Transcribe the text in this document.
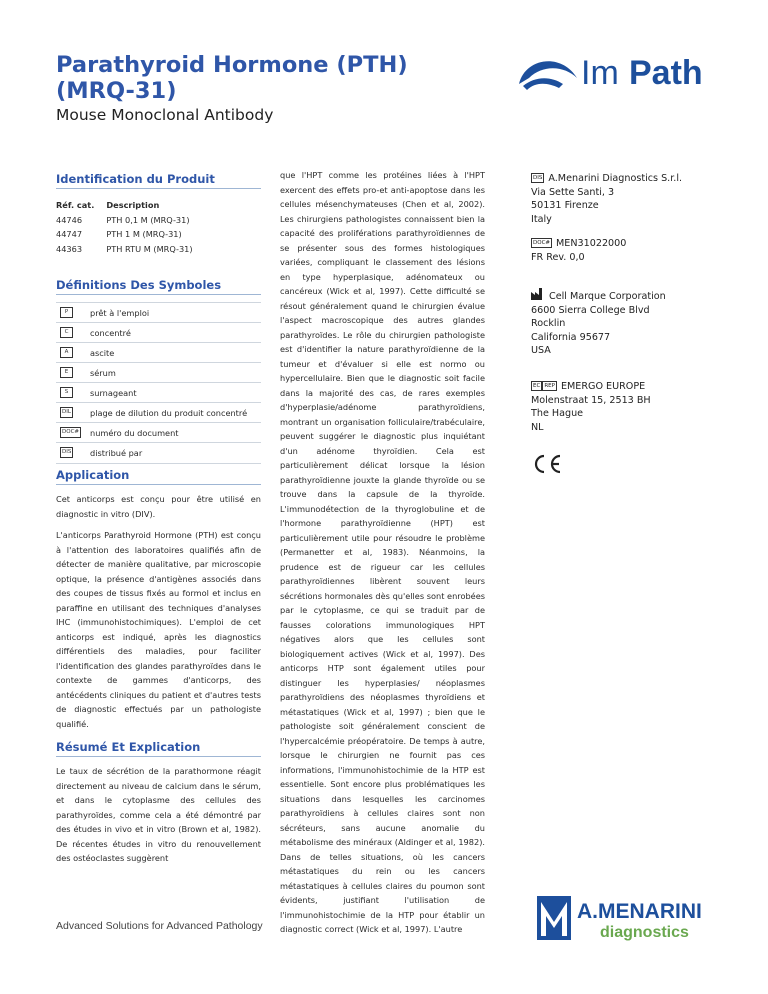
Parathyroid Hormone (PTH) (MRQ-31)

Mouse Monoclonal Antibody

Im Path

Identification du Produit

Réf. cat.	Description
44746	PTH 0,1 M (MRQ-31)
44747	PTH 1 M (MRQ-31)
44363	PTH RTU M (MRQ-31)

Définitions Des Symboles

P	prêt à l'emploi
C	concentré
A	ascite
E	sérum
S	surnageant
DIL plage de dilution du produit concentré
DOC# numéro du document
DIS distribué par

Application

Cet anticorps est conçu pour être utilisé en diagnostic in vitro (DIV).

L'anticorps Parathyroid Hormone (PTH) est conçu à l'attention des laboratoires qualifiés afin de détecter de manière qualitative, par microscopie optique, la présence d'antigènes associés dans des coupes de tissus fixés au formol et inclus en paraffine en utilisant des techniques d'analyses IHC (immunohistochimiques). L'emploi de cet anticorps est indiqué, après les diagnostics différentiels des maladies, pour faciliter l'identification des glandes parathyroïdes dans le contexte de gammes d'anticorps, des antécédents cliniques du patient et d'autres tests de diagnostic effectués par un pathologiste qualifié.

Résumé Et Explication

Le taux de sécrétion de la parathormone réagit directement au niveau de calcium dans le sérum, et dans le cytoplasme des cellules des parathyroïdes, comme cela a été démontré par des études in vivo et in vitro (Brown et al, 1982). De récentes études in vitro du renouvellement des ostéoclastes suggèrent

que l'HPT comme les protéines liées à l'HPT exercent des effets pro-et anti-apoptose dans les cellules mésenchymateuses (Chen et al, 2002). Les chirurgiens pathologistes connaissent bien la capacité des proliférations parathyroïdiennes de se présenter sous des formes histologiques variées, compliquant le classement des lésions en type hyperplasique, adénomateux ou cancéreux (Wick et al, 1997). Cette difficulté se résout généralement quand le chirurgien évalue l'aspect macroscopique des autres glandes parathyroïdes. Le rôle du chirurgien pathologiste est d'identifier la nature parathyroïdienne de la tumeur et d'évaluer si elle est normo ou hypercellulaire. Bien que le diagnostic soit facile dans la majorité des cas, de rares exemples d'hyperplasie/adénome parathyroïdiens, montrant un organisation folliculaire/trabéculaire, peuvent suggérer le diagnostic plus inquiétant d'un adénome thyroïdien. Cela est particulièrement délicat lorsque la lésion parathyroïdienne jouxte la glande thyroïde ou se trouve dans la capsule de la thyroïde. L'immunodétection de la thyroglobuline et de l'hormone parathyroïdienne (HPT) est particulièrement utile pour résoudre le problème (Permanetter et al, 1983). Néanmoins, la prudence est de rigueur car les cellules parathyroïdiennes libèrent souvent leurs sécrétions hormonales dès qu'elles sont enrobées par le cytoplasme, ce qui se traduit par de fausses colorations immunologiques HPT négatives alors que les cellules sont biologiquement actives (Wick et al, 1997). Des anticorps HTP sont également utiles pour distinguer les hyperplasies/ néoplasmes parathyroïdiens des néoplasmes thyroïdiens et métastatiques (Wick et al, 1997) ; bien que le pathologiste soit généralement conscient de l'hypercalcémie préopératoire. De temps à autre, lorsque le chirurgien ne fournit pas ces informations, l'immunohistochimie de la HTP est essentielle. Sont encore plus problématiques les situations dans lesquelles les carcinomes parathyroïdiens à cellules claires sont non sécréteurs, sans aucune anomalie du métabolisme des minéraux (Aldinger et al, 1982). Dans de telles situations, où les cancers métastatiques du rein ou les cancers métastatiques à cellules claires du poumon sont évidents, justifiant l'utilisation de l'immunohistochimie de la HTP pour établir un diagnostic correct (Wick et al, 1997). L'autre

DIS A.Menarini Diagnostics S.r.l.
Via Sette Santi, 3
50131 Firenze
Italy
DOC# MEN31022000
FR Rev. 0,0
Cell Marque Corporation
6600 Sierra College Blvd
Rocklin
California 95677
USA
EC REP EMERGO EUROPE
Molenstraat 15, 2513 BH
The Hague
NL
Advanced Solutions for Advanced Pathology
A.MENARINI
diagnostics
